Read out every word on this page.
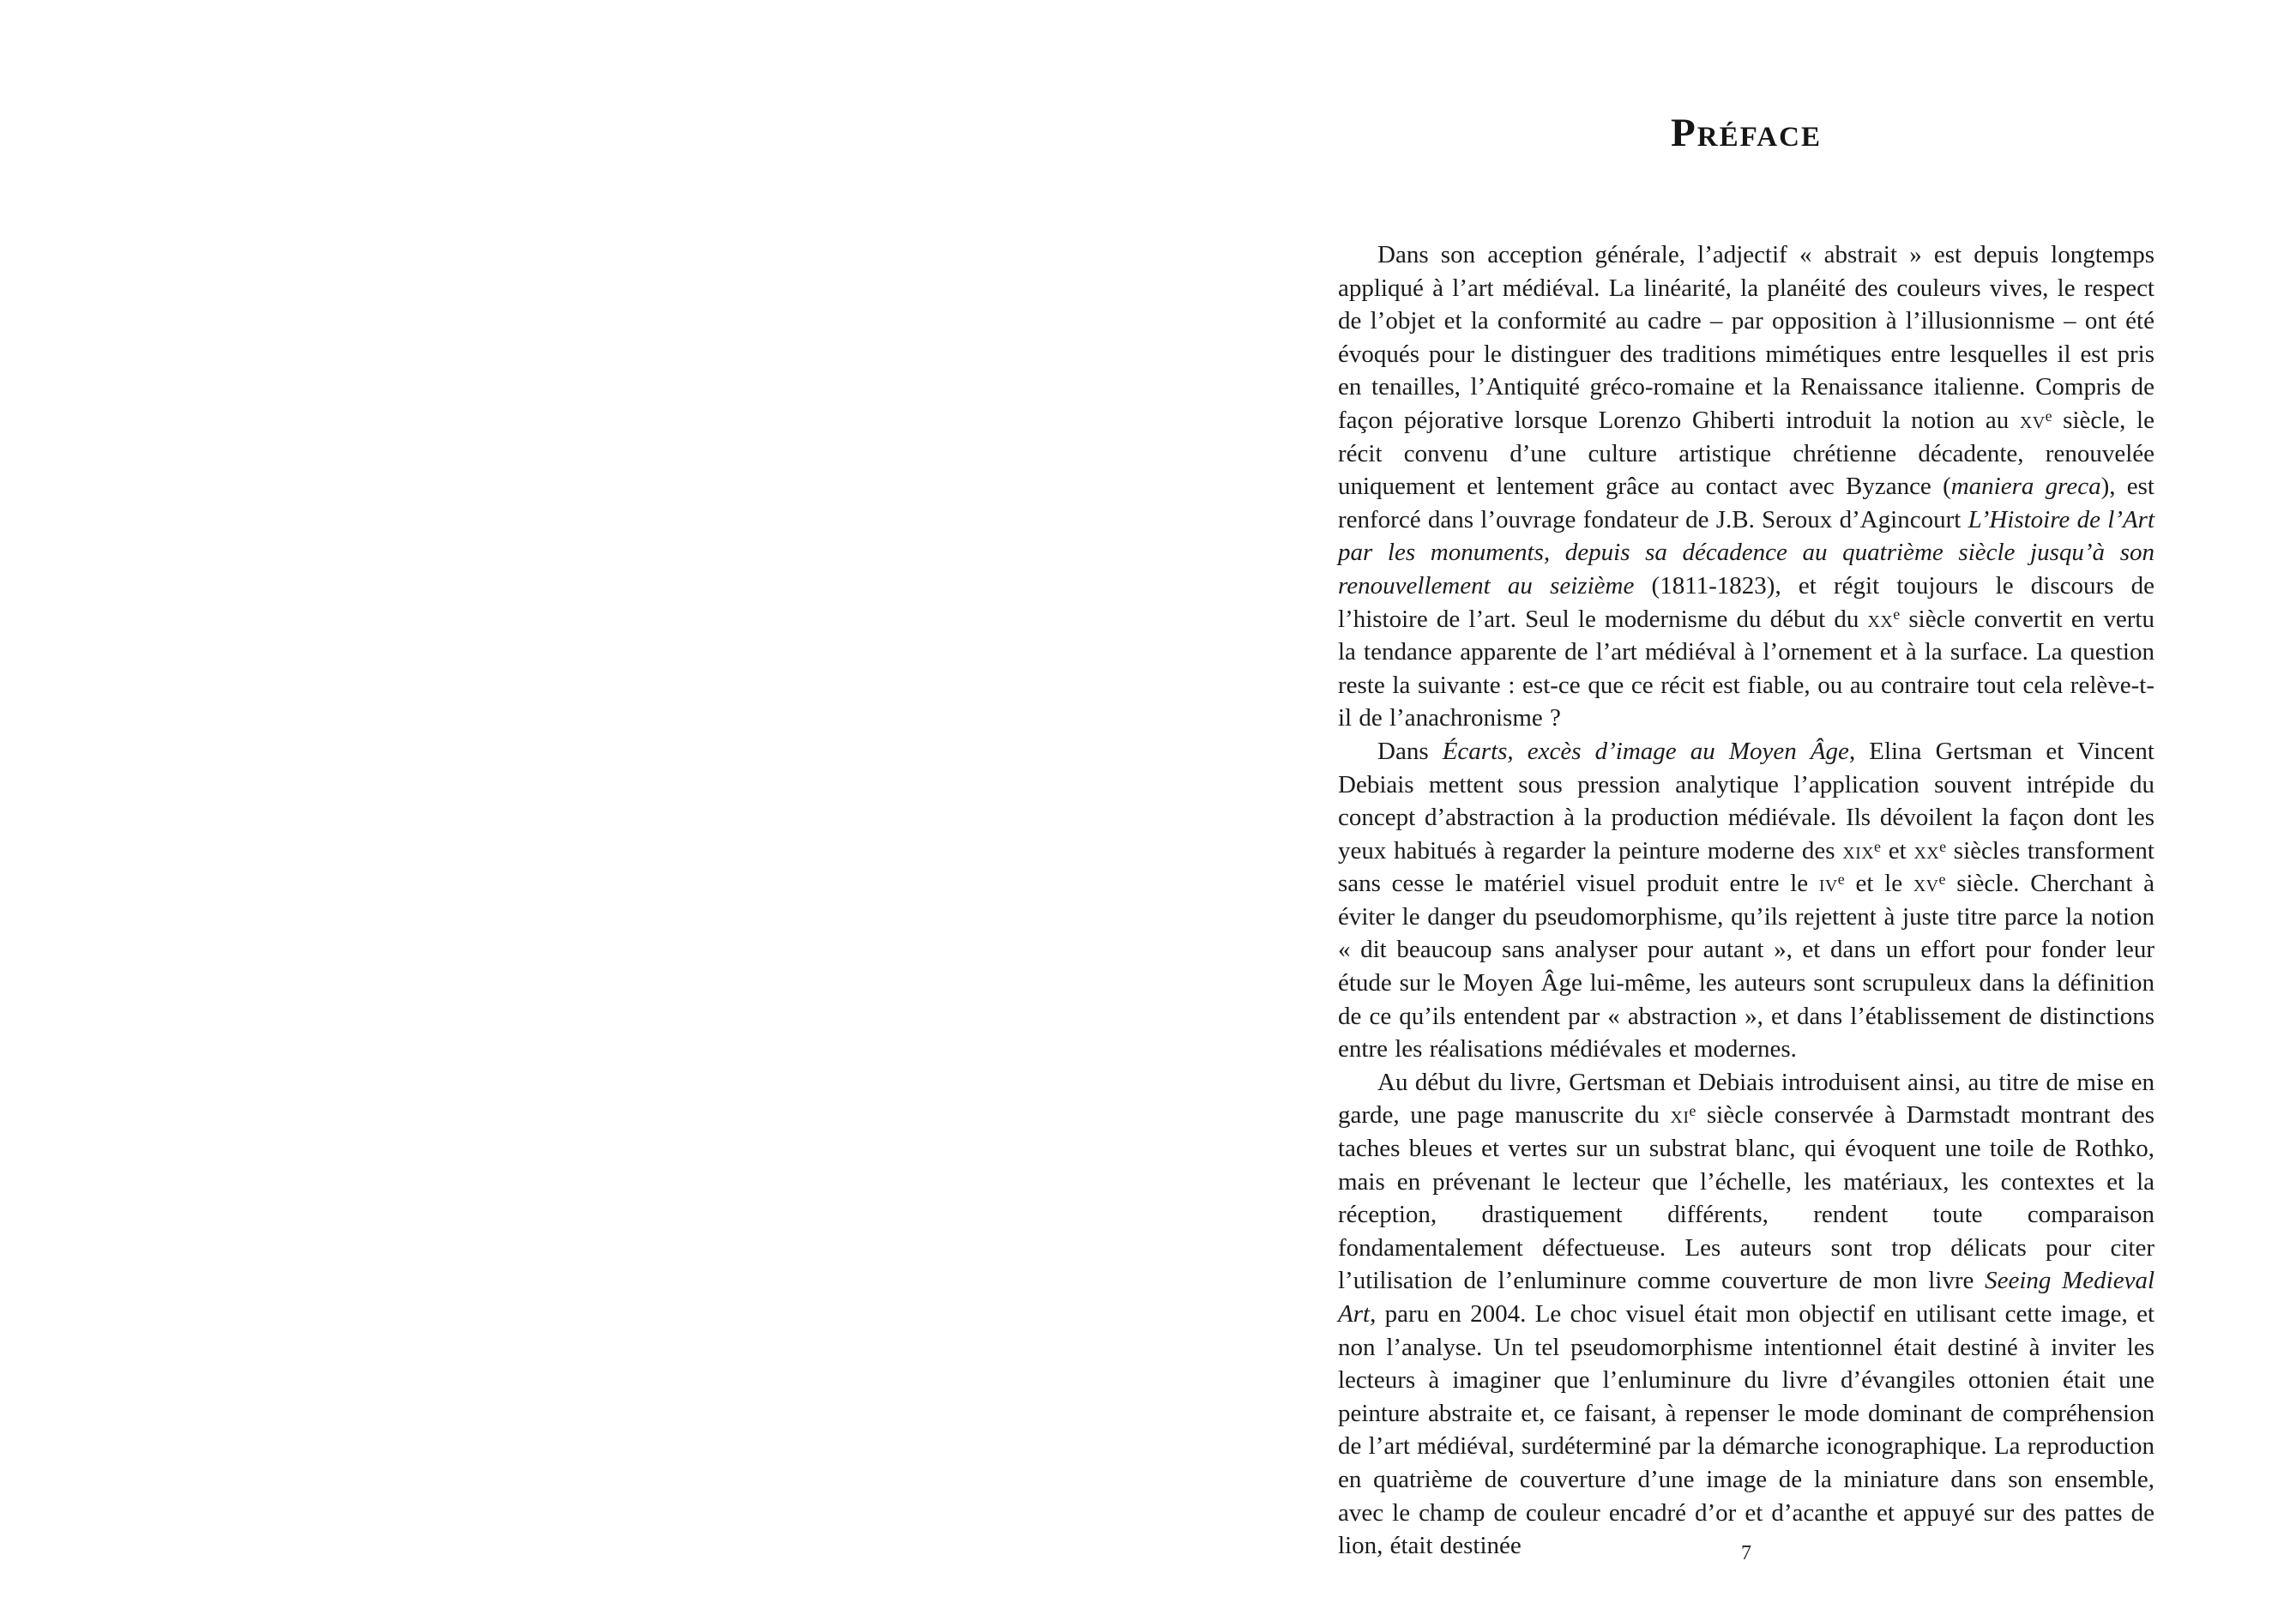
Préface

Dans son acception générale, l’adjectif « abstrait » est depuis longtemps appliqué à l’art médiéval. La linéarité, la planéité des couleurs vives, le respect de l’objet et la conformité au cadre – par opposition à l’illusionnisme – ont été évoqués pour le distinguer des traditions mimétiques entre lesquelles il est pris en tenailles, l’Antiquité gréco-romaine et la Renaissance italienne. Compris de façon péjorative lorsque Lorenzo Ghiberti introduit la notion au $xv^e$ siècle, le récit convenu d’une culture artistique chrétienne décadente, renouvelée uniquement et lentement grâce au contact avec Byzance (maniera greca), est renforcé dans l’ouvrage fondateur de J.B. Seroux d’Agincourt L’Histoire de l’Art par les monuments, depuis sa décadence au quatrième siècle jusqu’à son renouvellement au seizième (1811-1823), et régit toujours le discours de l’histoire de l’art. Seul le modernisme du début du $xx^e$ siècle convertit en vertu la tendance apparente de l’art médiéval à l’ornement et à la surface. La question reste la suivante : est-ce que ce récit est fiable, ou au contraire tout cela relève-t-il de l’anachronisme ?

Dans Écarts, excès d’image au Moyen Âge, Elina Gertsman et Vincent Debiais mettent sous pression analytique l’application souvent intrépide du concept d’abstraction à la production médiévale. Ils dévoilent la façon dont les yeux habitués à regarder la peinture moderne des xix$^e$ et $xx^e$ siècles transforment sans cesse le matériel visuel produit entre le $iv^e$ et le $xv^e$ siècle. Cherchant à éviter le danger du pseudomorphisme, qu’ils rejettent à juste titre parce la notion « dit beaucoup sans analyser pour autant », et dans un effort pour fonder leur étude sur le Moyen Âge lui-même, les auteurs sont scrupuleux dans la définition de ce qu’ils entendent par « abstraction », et dans l’établissement de distinctions entre les réalisations médiévales et modernes.

Au début du livre, Gertsman et Debiais introduisent ainsi, au titre de mise en garde, une page manuscrite du $xi^e$ siècle conservée à Darmstadt montrant des taches bleues et vertes sur un substrat blanc, qui évoquent une toile de Rothko, mais en prévenant le lecteur que l’échelle, les matériaux, les contextes et la réception, drastiquement différents, rendent toute comparaison fondamentalement défectueuse. Les auteurs sont trop délicats pour citer l’utilisation de l’enluminure comme couverture de mon livre Seeing Medieval Art, paru en 2004. Le choc visuel était mon objectif en utilisant cette image, et non l’analyse. Un tel pseudomorphisme intentionnel était destiné à inviter les lecteurs à imaginer que l’enluminure du livre d’évangiles ottonien était une peinture abstraite et, ce faisant, à repenser le mode dominant de compréhension de l’art médiéval, surdéterminé par la démarche iconographique. La reproduction en quatrième de couverture d’une image de la miniature dans son ensemble, avec le champ de couleur encadré d’or et d’acanthe et appuyé sur des pattes de lion, était destinée	7
